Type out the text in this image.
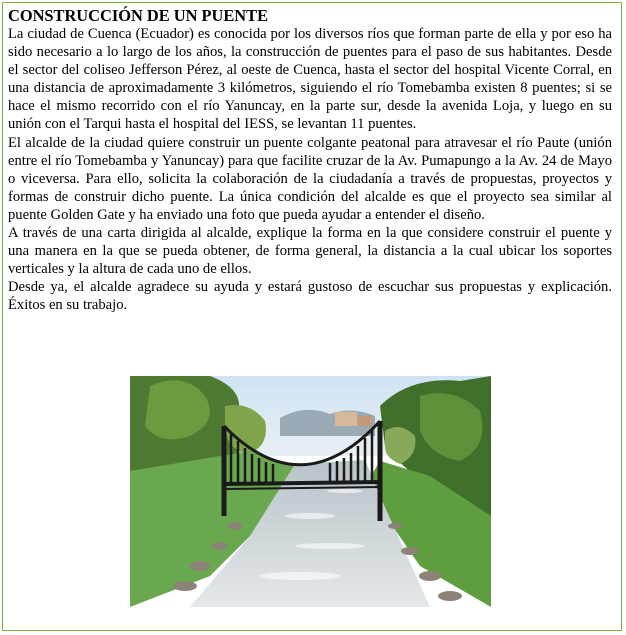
CONSTRUCCIÓN DE UN PUENTE

La ciudad de Cuenca (Ecuador) es conocida por los diversos ríos que forman parte de ella y por eso ha sido necesario a lo largo de los años, la construcción de puentes para el paso de sus habitantes. Desde el sector del coliseo Jefferson Pérez, al oeste de Cuenca, hasta el sector del hospital Vicente Corral, en una distancia de aproximadamente 3 kilómetros, siguiendo el río Tomebamba existen 8 puentes; si se hace el mismo recorrido con el río Yanuncay, en la parte sur, desde la avenida Loja, y luego en su unión con el Tarqui hasta el hospital del IESS, se levantan 11 puentes.

El alcalde de la ciudad quiere construir un puente colgante peatonal para atravesar el río Paute (unión entre el río Tomebamba y Yanuncay) para que facilite cruzar de la Av. Pumapungo a la Av. 24 de Mayo o viceversa. Para ello, solicita la colaboración de la ciudadanía a través de propuestas, proyectos y formas de construir dicho puente. La única condición del alcalde es que el proyecto sea similar al puente Golden Gate y ha enviado una foto que pueda ayudar a entender el diseño.

A través de una carta dirigida al alcalde, explique la forma en la que considere construir el puente y una manera en la que se pueda obtener, de forma general, la distancia a la cual ubicar los soportes verticales y la altura de cada uno de ellos.

Desde ya, el alcalde agradece su ayuda y estará gustoso de escuchar sus propuestas y explicación. Éxitos en su trabajo.
